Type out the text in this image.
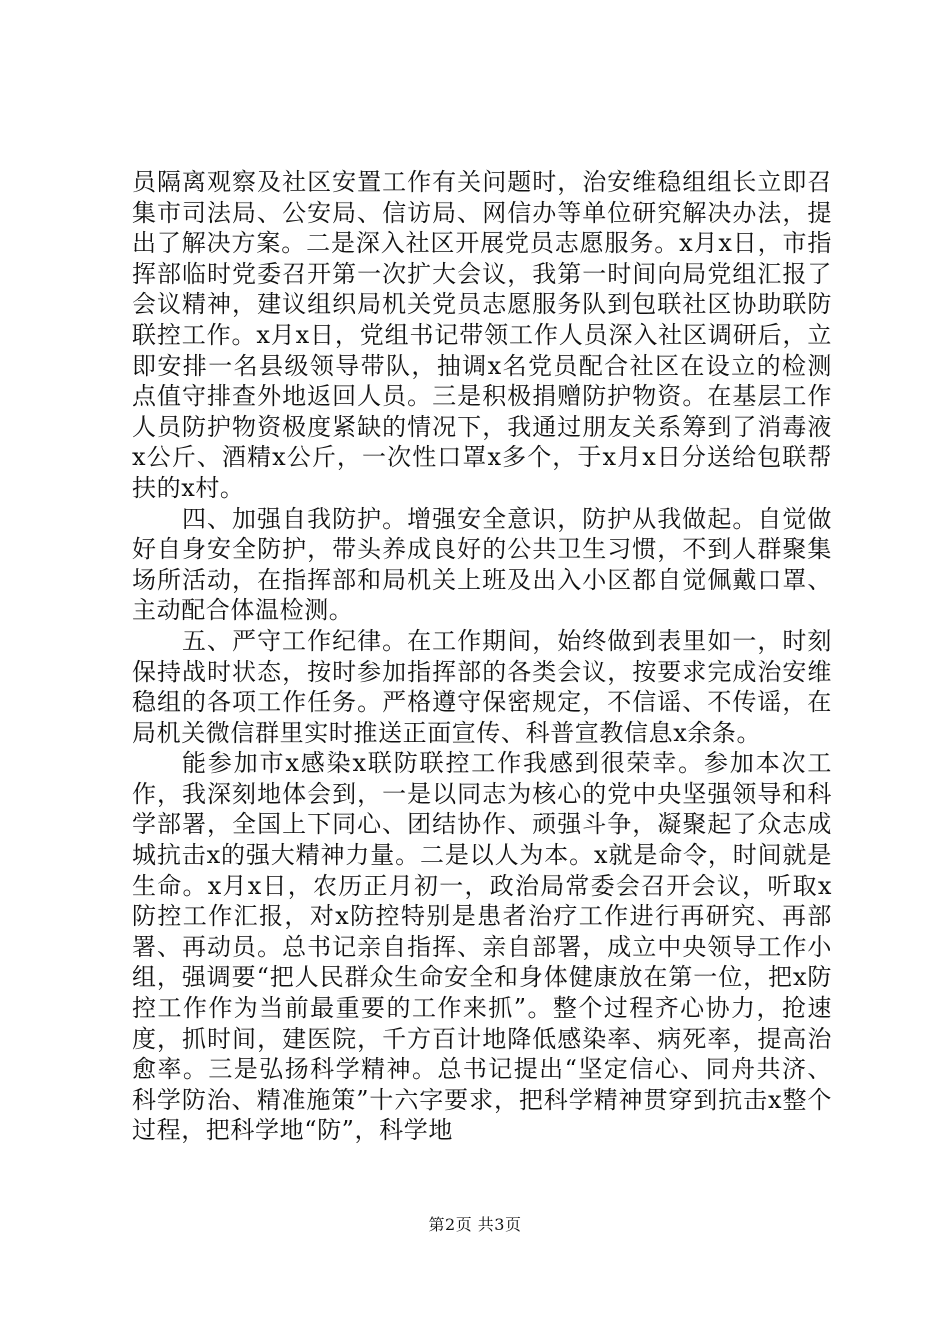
员隔离观察及社区安置工作有关问题时，治安维稳组组长立即召集市司法局、公安局、信访局、网信办等单位研究解决办法，提出了解决方案。二是深入社区开展党员志愿服务。x月x日，市指挥部临时党委召开第一次扩大会议，我第一时间向局党组汇报了会议精神，建议组织局机关党员志愿服务队到包联社区协助联防联控工作。x月x日，党组书记带领工作人员深入社区调研后，立即安排一名县级领导带队，抽调x名党员配合社区在设立的检测点值守排查外地返回人员。三是积极捐赠防护物资。在基层工作人员防护物资极度紧缺的情况下，我通过朋友关系筹到了消毒液x公斤、酒精x公斤，一次性口罩x多个，于x月x日分送给包联帮扶的x村。

四、加强自我防护。增强安全意识，防护从我做起。自觉做好自身安全防护，带头养成良好的公共卫生习惯，不到人群聚集场所活动，在指挥部和局机关上班及出入小区都自觉佩戴口罩、主动配合体温检测。

五、严守工作纪律。在工作期间，始终做到表里如一，时刻保持战时状态，按时参加指挥部的各类会议，按要求完成治安维稳组的各项工作任务。严格遵守保密规定，不信谣、不传谣，在局机关微信群里实时推送正面宣传、科普宣教信息x余条。

能参加市x感染x联防联控工作我感到很荣幸。参加本次工作，我深刻地体会到，一是以同志为核心的党中央坚强领导和科学部署，全国上下同心、团结协作、顽强斗争，凝聚起了众志成城抗击x的强大精神力量。二是以人为本。x就是命令，时间就是生命。x月x日，农历正月初一，政治局常委会召开会议，听取x防控工作汇报，对x防控特别是患者治疗工作进行再研究、再部署、再动员。总书记亲自指挥、亲自部署，成立中央领导工作小组，强调要“把人民群众生命安全和身体健康放在第一位，把x防控工作作为当前最重要的工作来抓”。整个过程齐心协力，抢速度，抓时间，建医院，千方百计地降低感染率、病死率，提高治愈率。三是弘扬科学精神。总书记提出“坚定信心、同舟共济、科学防治、精准施策”十六字要求，把科学精神贯穿到抗击x整个过程，把科学地“防”，科学地

第2页 共3页
